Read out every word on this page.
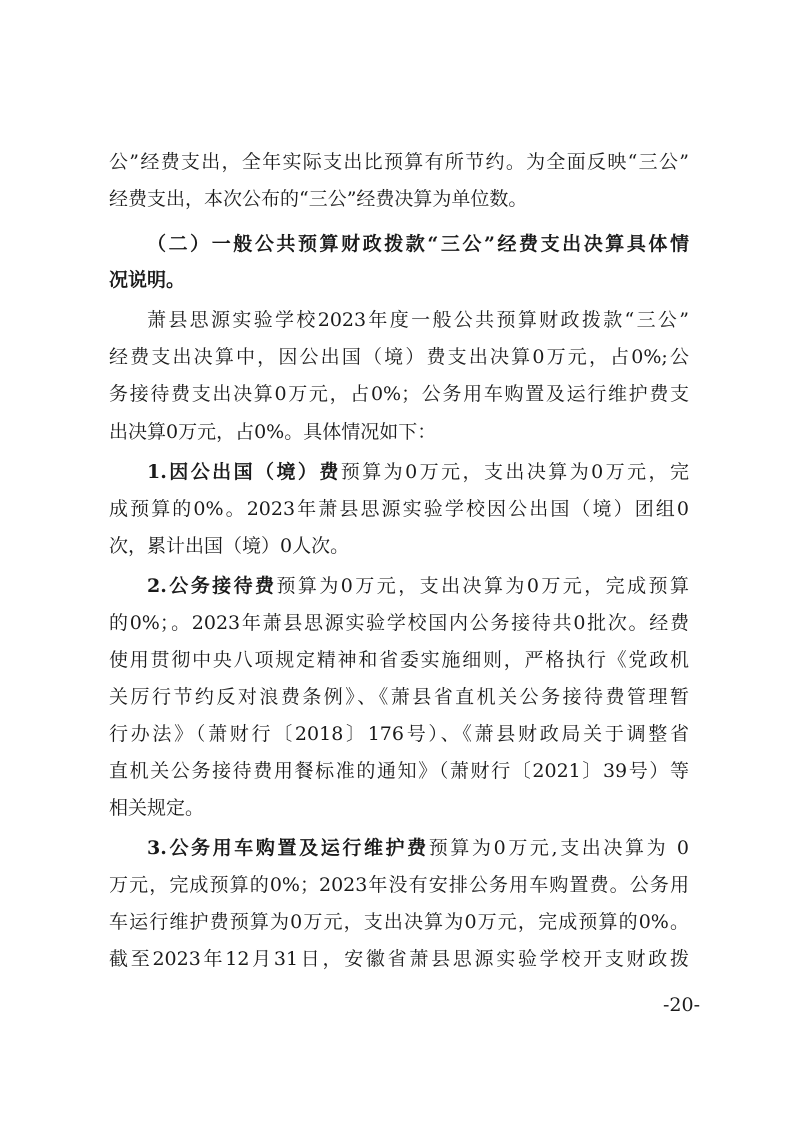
公”经费支出，全年实际支出比预算有所节约。为全面反映“三公”
经费支出，本次公布的“三公”经费决算为单位数。
（二）一般公共预算财政拨款“三公”经费支出决算具体情
况说明。
萧县思源实验学校2023年度一般公共预算财政拨款“三公”
经费支出决算中，因公出国（境）费支出决算0万元，占0%;公
务接待费支出决算0万元，占0%；公务用车购置及运行维护费支
出决算0万元，占0%。具体情况如下：
1.因公出国（境）费预算为0万元，支出决算为0万元，完
成预算的0%。2023年萧县思源实验学校因公出国（境）团组0
次，累计出国（境）0人次。
2.公务接待费预算为0万元，支出决算为0万元，完成预算
的0%；。2023年萧县思源实验学校国内公务接待共0批次。经费
使用贯彻中央八项规定精神和省委实施细则，严格执行《党政机
关厉行节约反对浪费条例》、《萧县省直机关公务接待费管理暂
行办法》（萧财行〔2018〕176号）、《萧县财政局关于调整省
直机关公务接待费用餐标准的通知》（萧财行〔2021〕39号）等
相关规定。
3.公务用车购置及运行维护费预算为0万元,支出决算为 0
万元，完成预算的0%；2023年没有安排公务用车购置费。公务用
车运行维护费预算为0万元，支出决算为0万元，完成预算的0%。
截至2023年12月31日，安徽省萧县思源实验学校开支财政拨
-20-
